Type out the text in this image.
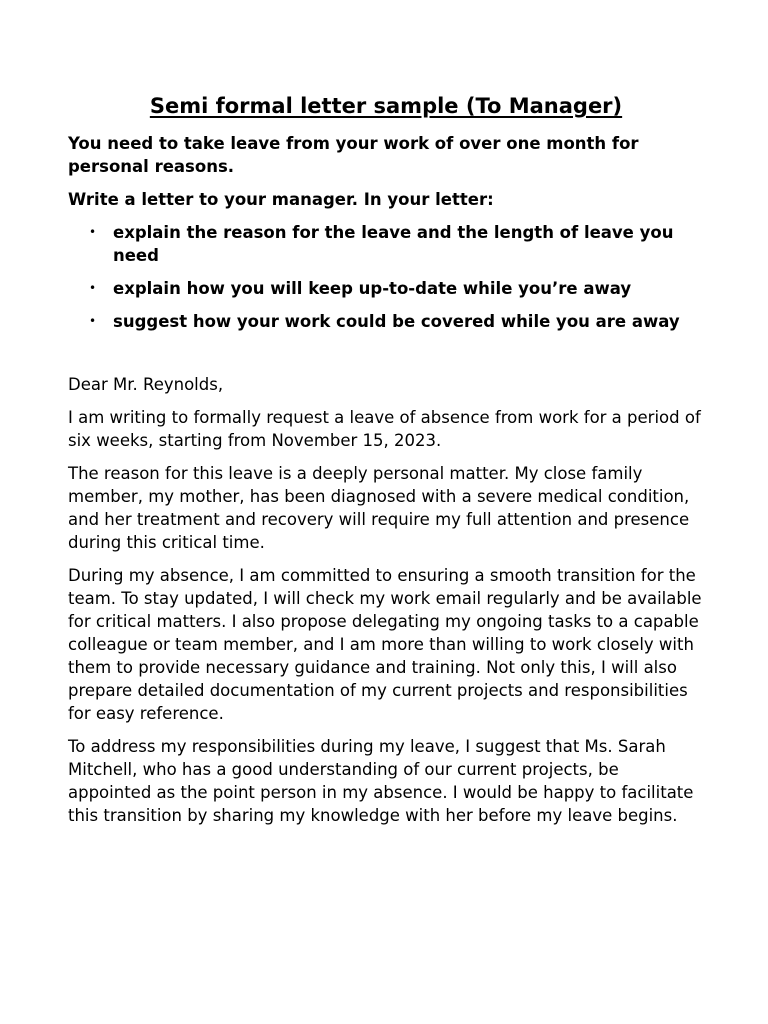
Semi formal letter sample (To Manager)

You need to take leave from your work of over one month for personal reasons.

Write a letter to your manager. In your letter:

• explain the reason for the leave and the length of leave you need
• explain how you will keep up-to-date while you’re away
• suggest how your work could be covered while you are away

Dear Mr. Reynolds,

I am writing to formally request a leave of absence from work for a period of six weeks, starting from November 15, 2023.

The reason for this leave is a deeply personal matter. My close family member, my mother, has been diagnosed with a severe medical condition, and her treatment and recovery will require my full attention and presence during this critical time.

During my absence, I am committed to ensuring a smooth transition for the team. To stay updated, I will check my work email regularly and be available for critical matters. I also propose delegating my ongoing tasks to a capable colleague or team member, and I am more than willing to work closely with them to provide necessary guidance and training. Not only this, I will also prepare detailed documentation of my current projects and responsibilities for easy reference.

To address my responsibilities during my leave, I suggest that Ms. Sarah Mitchell, who has a good understanding of our current projects, be appointed as the point person in my absence. I would be happy to facilitate this transition by sharing my knowledge with her before my leave begins.
